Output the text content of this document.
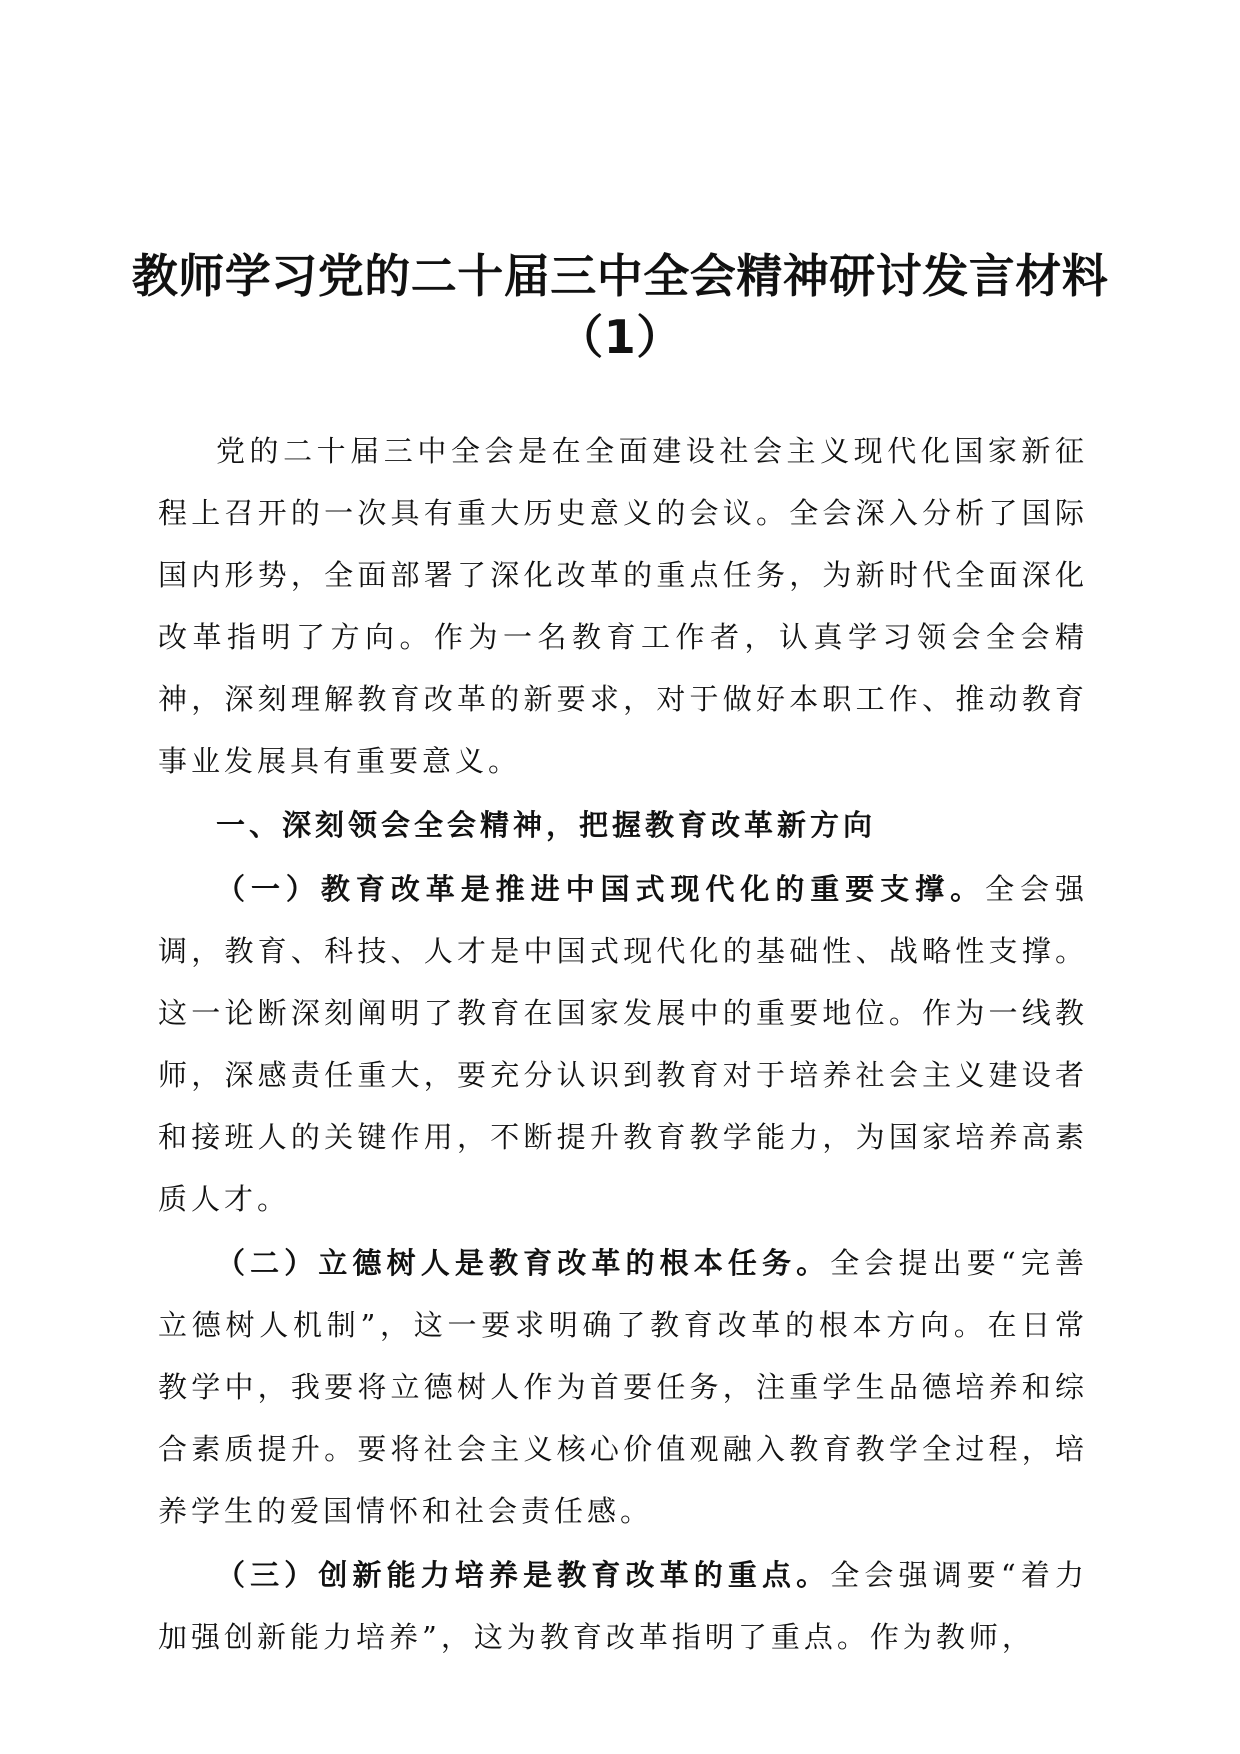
教师学习党的二十届三中全会精神研讨发言材料（1）

党的二十届三中全会是在全面建设社会主义现代化国家新征程上召开的一次具有重大历史意义的会议。全会深入分析了国际国内形势，全面部署了深化改革的重点任务，为新时代全面深化改革指明了方向。作为一名教育工作者，认真学习领会全会精神，深刻理解教育改革的新要求，对于做好本职工作、推动教育事业发展具有重要意义。

一、深刻领会全会精神，把握教育改革新方向

（一）教育改革是推进中国式现代化的重要支撑。全会强调，教育、科技、人才是中国式现代化的基础性、战略性支撑。这一论断深刻阐明了教育在国家发展中的重要地位。作为一线教师，深感责任重大，要充分认识到教育对于培养社会主义建设者和接班人的关键作用，不断提升教育教学能力，为国家培养高素质人才。

（二）立德树人是教育改革的根本任务。全会提出要“完善立德树人机制”，这一要求明确了教育改革的根本方向。在日常教学中，我要将立德树人作为首要任务，注重学生品德培养和综合素质提升。要将社会主义核心价值观融入教育教学全过程，培养学生的爱国情怀和社会责任感。

（三）创新能力培养是教育改革的重点。全会强调要“着力加强创新能力培养”，这为教育改革指明了重点。作为教师，
